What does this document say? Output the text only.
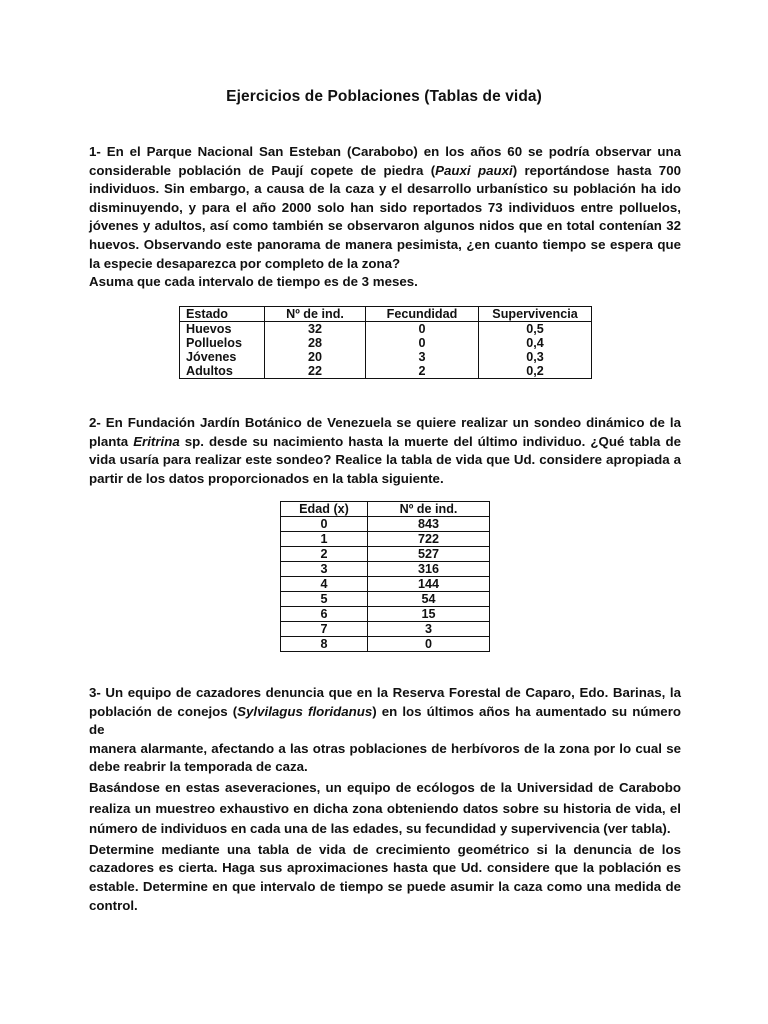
Ejercicios de Poblaciones (Tablas de vida)
1- En el Parque Nacional San Esteban (Carabobo) en los años 60 se podría observar una
considerable población de Paují copete de piedra (Pauxi pauxi) reportándose hasta 700
individuos. Sin embargo, a causa de la caza y el desarrollo urbanístico su población ha ido
disminuyendo, y para el año 2000 solo han sido reportados 73 individuos entre polluelos,
jóvenes y adultos, así como también se observaron algunos nidos que en total contenían 32
huevos. Observando este panorama de manera pesimista, ¿en cuanto tiempo se espera que
la especie desaparezca por completo de la zona?
Asuma que cada intervalo de tiempo es de 3 meses.
Estado	Nº de ind.	Fecundidad	Supervivencia
Huevos	32	0	0,5
Polluelos	28	0	0,4
Jóvenes	20	3	0,3
Adultos	22	2	0,2
2- En Fundación Jardín Botánico de Venezuela se quiere realizar un sondeo dinámico de la
planta Eritrina sp. desde su nacimiento hasta la muerte del último individuo. ¿Qué tabla de
vida usaría para realizar este sondeo? Realice la tabla de vida que Ud. considere apropiada a
partir de los datos proporcionados en la tabla siguiente.
Edad (x)	Nº de ind.
0	843
1	722
2	527
3	316
4	144
5	54
6	15
7	3
8	0
3- Un equipo de cazadores denuncia que en la Reserva Forestal de Caparo, Edo. Barinas, la
población de conejos (Sylvilagus floridanus) en los últimos años ha aumentado su número de
manera alarmante, afectando a las otras poblaciones de herbívoros de la zona por lo cual se
debe reabrir la temporada de caza.
Basándose en estas aseveraciones, un equipo de ecólogos de la Universidad de Carabobo
realiza un muestreo exhaustivo en dicha zona obteniendo datos sobre su historia de vida, el
número de individuos en cada una de las edades, su fecundidad y supervivencia (ver tabla).
Determine mediante una tabla de vida de crecimiento geométrico si la denuncia de los
cazadores es cierta. Haga sus aproximaciones hasta que Ud. considere que la población es
estable. Determine en que intervalo de tiempo se puede asumir la caza como una medida de
control.
